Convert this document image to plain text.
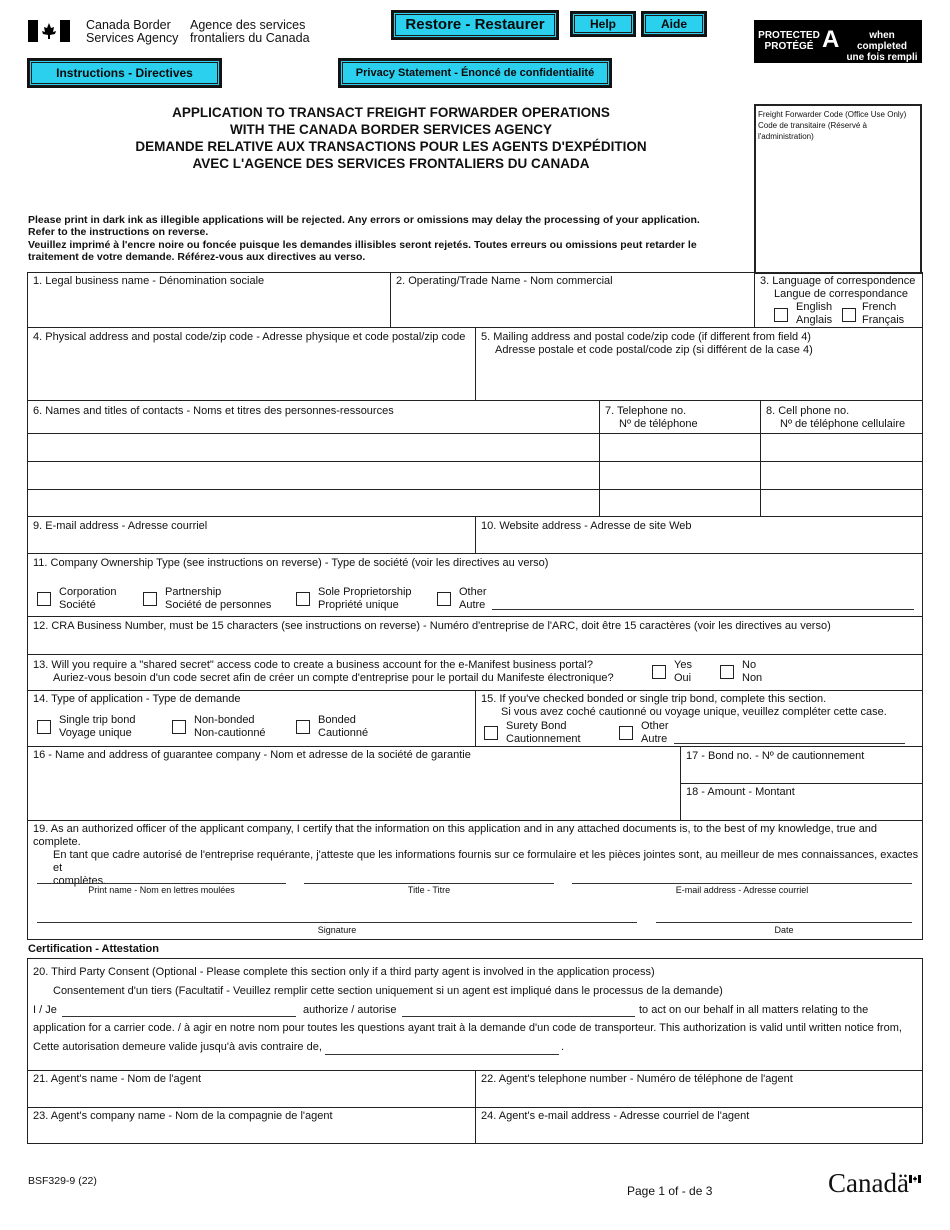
Canada Border
Services Agency
Agence des services
frontaliers du Canada
Restore - Restaurer	Help	Aide
PROTECTED
PROTÉGÉ A	when completed
une fois rempli
Instructions - Directives	Privacy Statement - Énoncé de confidentialité
APPLICATION TO TRANSACT FREIGHT FORWARDER OPERATIONS
WITH THE CANADA BORDER SERVICES AGENCY
DEMANDE RELATIVE AUX TRANSACTIONS POUR LES AGENTS D'EXPÉDITION
AVEC L'AGENCE DES SERVICES FRONTALIERS DU CANADA
Freight Forwarder Code (Office Use Only)
Code de transitaire (Réservé à l'administration)
Please print in dark ink as illegible applications will be rejected. Any errors or omissions may delay the processing of your application.
Refer to the instructions on reverse.
Veuillez imprimé à l'encre noire ou foncée puisque les demandes illisibles seront rejetés. Toutes erreurs ou omissions peut retarder le
traitement de votre demande. Référez-vous aux directives au verso.
1. Legal business name - Dénomination sociale	2. Operating/Trade Name - Nom commercial	3. Language of correspondence
Langue de correspondance
English
Anglais
French
Français
4. Physical address and postal code/zip code - Adresse physique et code postal/zip code 5. Mailing address and postal code/zip code (if different from field 4)
Adresse postale et code postal/code zip (si différent de la case 4)
6. Names and titles of contacts - Noms et titres des personnes-ressources	7. Telephone no.
Nº de téléphone
8. Cell phone no.
Nº de téléphone cellulaire
9. E-mail address - Adresse courriel	10. Website address - Adresse de site Web
11. Company Ownership Type (see instructions on reverse) - Type de société (voir les directives au verso)
Corporation
Société
Partnership
Société de personnes
Sole Proprietorship
Propriété unique
Other
Autre
12. CRA Business Number, must be 15 characters (see instructions on reverse) - Numéro d'entreprise de l'ARC, doit être 15 caractères (voir les directives au verso)
13. Will you require a "shared secret" access code to create a business account for the e-Manifest business portal?
Auriez-vous besoin d'un code secret afin de créer un compte d'entreprise pour le portail du Manifeste électronique?
Yes
Oui
No
Non
14. Type of application - Type de demande
Single trip bond
Voyage unique
Non-bonded
Non-cautionné
Bonded
Cautionné
15. If you've checked bonded or single trip bond, complete this section.
Si vous avez coché cautionné ou voyage unique, veuillez compléter cette case.
Surety Bond
Cautionnement
Other
Autre
16 - Name and address of guarantee company - Nom et adresse de la société de garantie	17 - Bond no. - Nº de cautionnement
18 - Amount - Montant
19. As an authorized officer of the applicant company, I certify that the information on this application and in any attached documents is, to the best of my knowledge, true and complete.
En tant que cadre autorisé de l'entreprise requérante, j'atteste que les informations fournis sur ce formulaire et les pièces jointes sont, au meilleur de mes connaissances, exactes et
complètes.
Print name - Nom en lettres moulées	Title - Titre	E-mail address - Adresse courriel
Signature	Date
Certification - Attestation
20. Third Party Consent (Optional - Please complete this section only if a third party agent is involved in the application process)
Consentement d'un tiers (Facultatif - Veuillez remplir cette section uniquement si un agent est impliqué dans le processus de la demande)
I / Je	authorize / autorise	to act on our behalf in all matters relating to the
application for a carrier code. / à agir en notre nom pour toutes les questions ayant trait à la demande d'un code de transporteur. This authorization is valid until written notice from,
Cette autorisation demeure valide jusqu'à avis contraire de,	.
21. Agent's name - Nom de l'agent	22. Agent's telephone number - Numéro de téléphone de l'agent
23. Agent's company name - Nom de la compagnie de l'agent	24. Agent's e-mail address - Adresse courriel de l'agent
BSF329-9 (22)
Page 1 of - de 3	Canadä
